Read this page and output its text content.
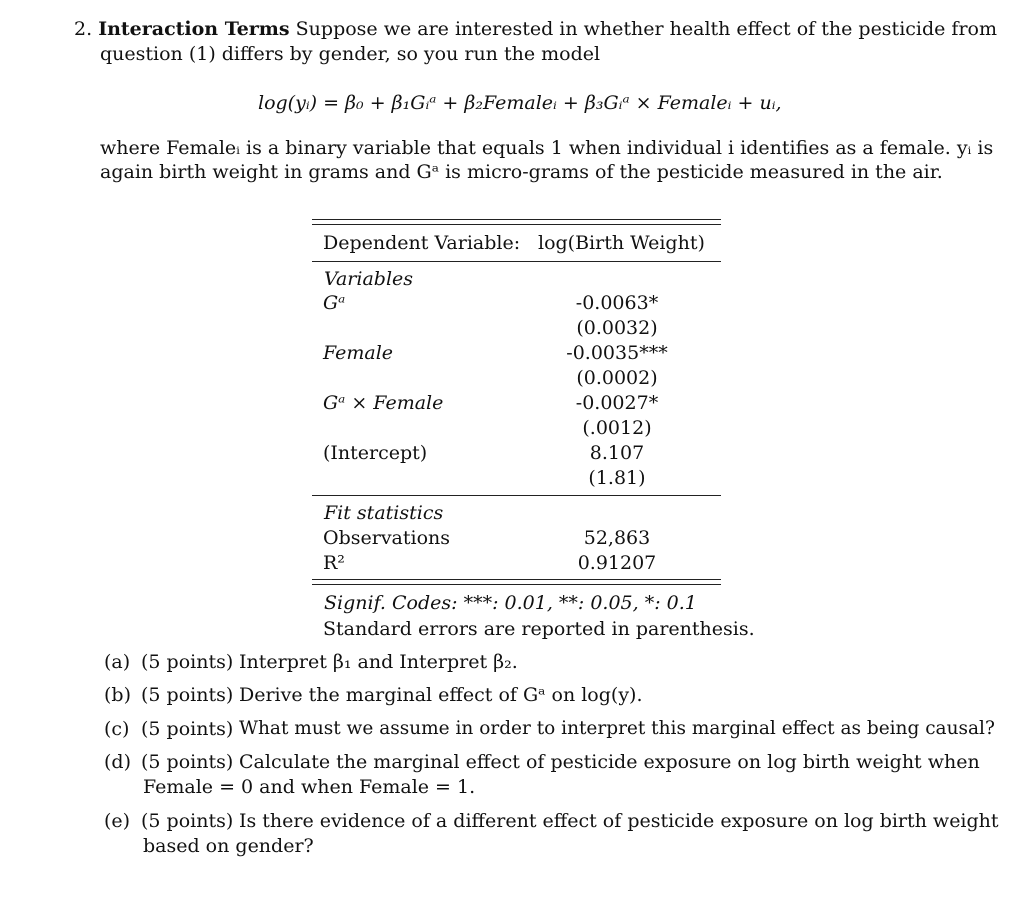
2. Interaction Terms Suppose we are interested in whether health effect of the pesticide from
question (1) differs by gender, so you run the model
log(yᵢ) = β₀ + β₁Gᵢᵃ + β₂Femaleᵢ + β₃Gᵢᵃ × Femaleᵢ + uᵢ,
where Femaleᵢ is a binary variable that equals 1 when individual i identifies as a female. yᵢ is
again birth weight in grams and Gᵃ is micro-grams of the pesticide measured in the air.
Dependent Variable: log(Birth Weight)
Variables
Gᵃ	-0.0063*
(0.0032)
Female	-0.0035***
(0.0002)
Gᵃ × Female	-0.0027*
(.0012)
(Intercept)	8.107
(1.81)
Fit statistics
Observations	52,863
R²	0.91207
Signif. Codes: ***: 0.01, **: 0.05, *: 0.1
Standard errors are reported in parenthesis.
(a) (5 points) Interpret β₁ and Interpret β₂.
(b) (5 points) Derive the marginal effect of Gᵃ on log(y).
(c) (5 points) What must we assume in order to interpret this marginal effect as being causal?
(d) (5 points) Calculate the marginal effect of pesticide exposure on log birth weight when
Female = 0 and when Female = 1.
(e) (5 points) Is there evidence of a different effect of pesticide exposure on log birth weight
based on gender?
